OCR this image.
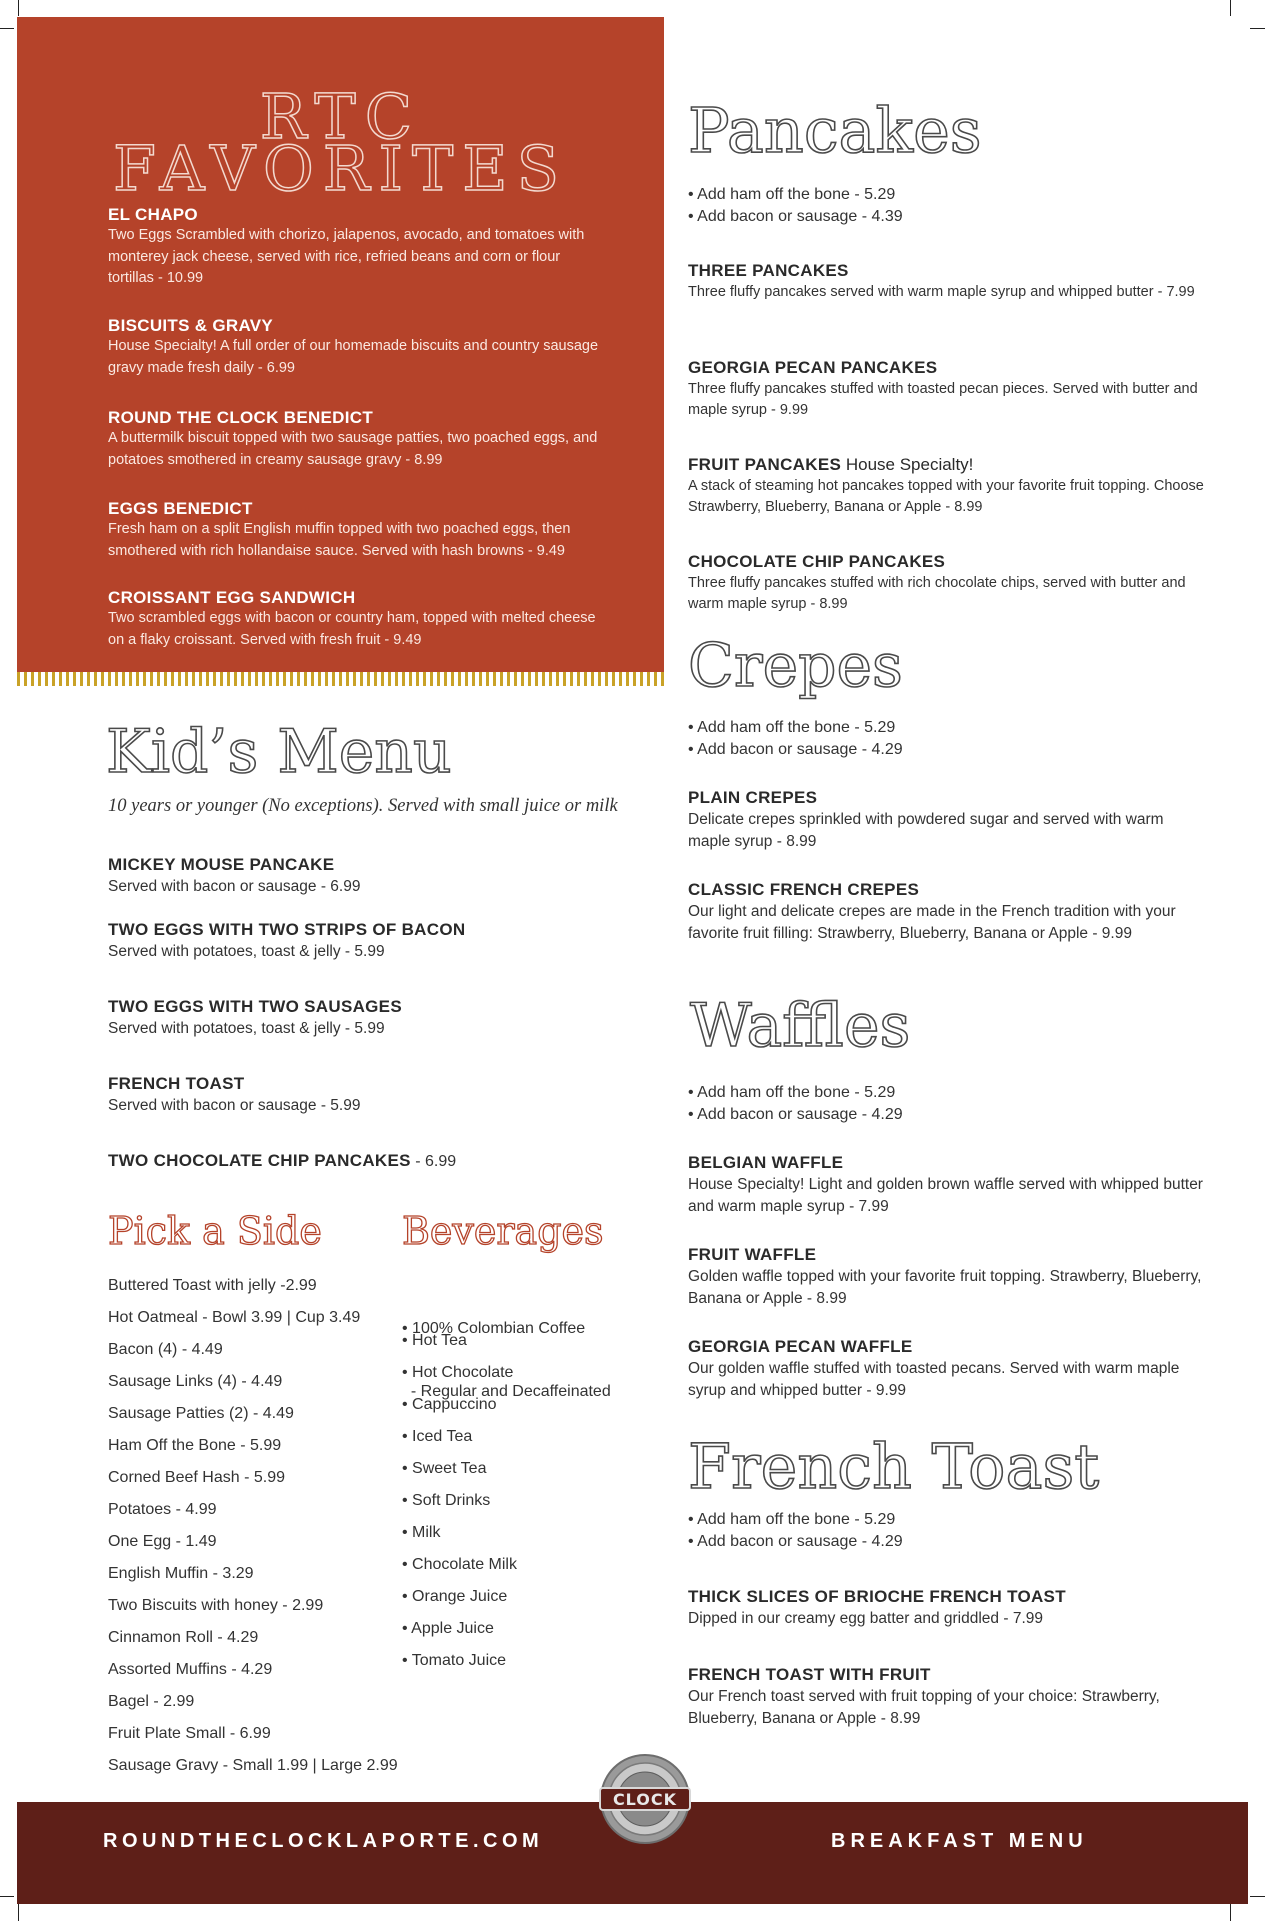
RTC
FAVORITES
EL CHAPO
Two Eggs Scrambled with chorizo, jalapenos, avocado, and tomatoes with monterey jack cheese, served with rice, refried beans and corn or flour tortillas - 10.99
BISCUITS & GRAVY
House Specialty! A full order of our homemade biscuits and country sausage gravy made fresh daily - 6.99
ROUND THE CLOCK BENEDICT
A buttermilk biscuit topped with two sausage patties, two poached eggs, and potatoes smothered in creamy sausage gravy - 8.99
EGGS BENEDICT
Fresh ham on a split English muffin topped with two poached eggs, then smothered with rich hollandaise sauce. Served with hash browns - 9.49
CROISSANT EGG SANDWICH
Two scrambled eggs with bacon or country ham, topped with melted cheese on a flaky croissant. Served with fresh fruit - 9.49
Kid’s Menu
10 years or younger (No exceptions). Served with small juice or milk
MICKEY MOUSE PANCAKE
Served with bacon or sausage - 6.99
TWO EGGS WITH TWO STRIPS OF BACON
Served with potatoes, toast & jelly - 5.99
TWO EGGS WITH TWO SAUSAGES
Served with potatoes, toast & jelly - 5.99
FRENCH TOAST
Served with bacon or sausage - 5.99
TWO CHOCOLATE CHIP PANCAKES - 6.99
Pick a Side
Buttered Toast with jelly -2.99
Hot Oatmeal - Bowl 3.99 | Cup 3.49
Bacon (4) - 4.49
Sausage Links (4) - 4.49
Sausage Patties (2) - 4.49
Ham Off the Bone - 5.99
Corned Beef Hash - 5.99
Potatoes - 4.99
One Egg - 1.49
English Muffin - 3.29
Two Biscuits with honey - 2.99
Cinnamon Roll - 4.29
Assorted Muffins - 4.29
Bagel - 2.99
Fruit Plate Small - 6.99
Sausage Gravy - Small 1.99 | Large 2.99
Beverages

• 100% Colombian Coffee

- Regular and Decaffeinated

• Hot Tea
• Hot Chocolate
• Cappuccino
• Iced Tea
• Sweet Tea
• Soft Drinks
• Milk
• Chocolate Milk
• Orange Juice
• Apple Juice
• Tomato Juice
Pancakes
• Add ham off the bone - 5.29
• Add bacon or sausage - 4.39
THREE PANCAKES
Three fluffy pancakes served with warm maple syrup and whipped butter - 7.99
GEORGIA PECAN PANCAKES
Three fluffy pancakes stuffed with toasted pecan pieces. Served with butter and maple syrup - 9.99
FRUIT PANCAKES House Specialty!
A stack of steaming hot pancakes topped with your favorite fruit topping. Choose Strawberry, Blueberry, Banana or Apple - 8.99
CHOCOLATE CHIP PANCAKES
Three fluffy pancakes stuffed with rich chocolate chips, served with butter and warm maple syrup - 8.99
Crepes
• Add ham off the bone - 5.29
• Add bacon or sausage - 4.29
PLAIN CREPES
Delicate crepes sprinkled with powdered sugar and served with warm maple syrup - 8.99
CLASSIC FRENCH CREPES
Our light and delicate crepes are made in the French tradition with your favorite fruit filling: Strawberry, Blueberry, Banana or Apple - 9.99
Waffles
• Add ham off the bone - 5.29
• Add bacon or sausage - 4.29
BELGIAN WAFFLE
House Specialty! Light and golden brown waffle served with whipped butter and warm maple syrup - 7.99
FRUIT WAFFLE
Golden waffle topped with your favorite fruit topping. Strawberry, Blueberry, Banana or Apple - 8.99
GEORGIA PECAN WAFFLE
Our golden waffle stuffed with toasted pecans. Served with warm maple syrup and whipped butter - 9.99
French Toast
• Add ham off the bone - 5.29
• Add bacon or sausage - 4.29
THICK SLICES OF BRIOCHE FRENCH TOAST
Dipped in our creamy egg batter and griddled - 7.99
FRENCH TOAST WITH FRUIT
Our French toast served with fruit topping of your choice: Strawberry, Blueberry, Banana or Apple - 8.99
ROUNDTHECLOCKLAPORTE.COM	BREAKFAST MENU
CLOCK
